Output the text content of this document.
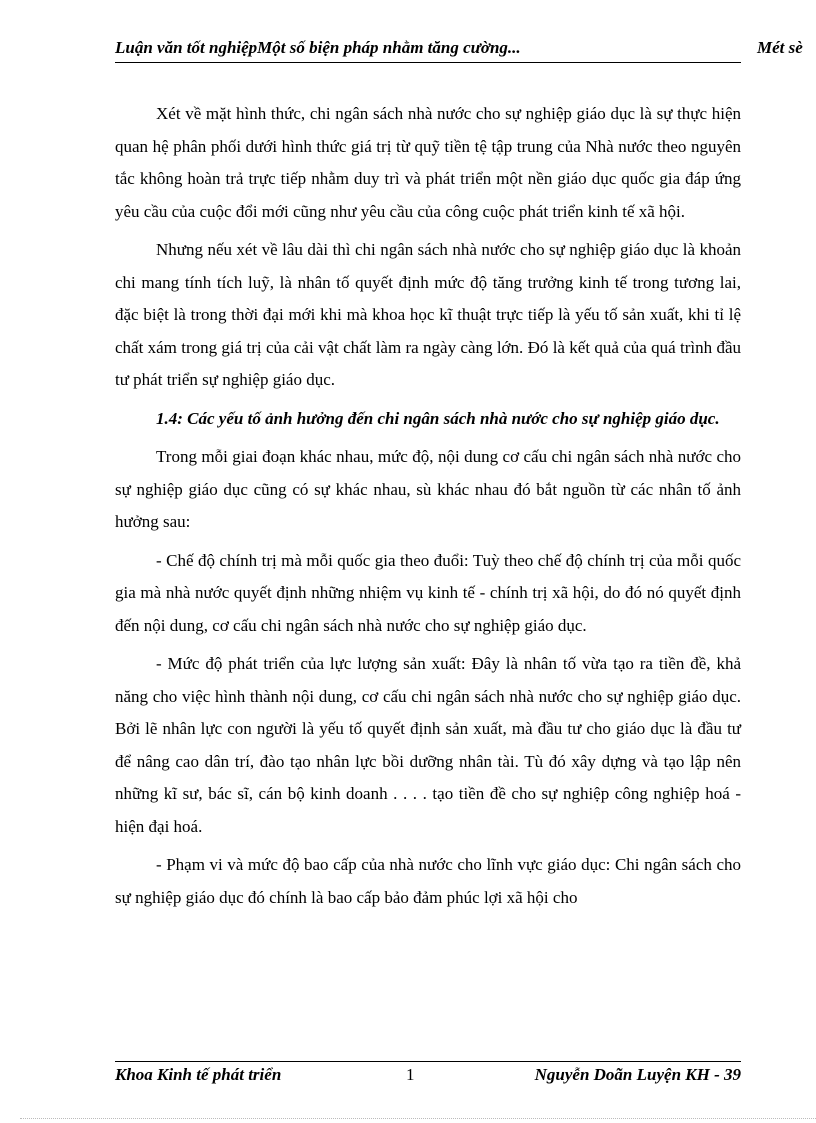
Luận văn tốt nghiệpMột số biện pháp nhằm tăng cường...	Mét sè

Xét về mặt hình thức, chi ngân sách nhà nước cho sự nghiệp giáo dục là sự thực hiện quan hệ phân phối dưới hình thức giá trị từ quỹ tiền tệ tập trung của Nhà nước theo nguyên tắc không hoàn trả trực tiếp nhằm duy trì và phát triển một nền giáo dục quốc gia đáp ứng yêu cầu của cuộc đổi mới cũng như yêu cầu của công cuộc phát triển kinh tế xã hội.

Nhưng nếu xét về lâu dài thì chi ngân sách nhà nước cho sự nghiệp giáo dục là khoản chi mang tính tích luỹ, là nhân tố quyết định mức độ tăng trưởng kinh tế trong tương lai, đặc biệt là trong thời đại mới khi mà khoa học kĩ thuật trực tiếp là yếu tố sản xuất, khi tỉ lệ chất xám trong giá trị của cải vật chất làm ra ngày càng lớn. Đó là kết quả của quá trình đầu tư phát triển sự nghiệp giáo dục.

1.4: Các yếu tố ảnh hưởng đến chi ngân sách nhà nước cho sự nghiệp giáo dục.

Trong mỗi giai đoạn khác nhau, mức độ, nội dung cơ cấu chi ngân sách nhà nước cho sự nghiệp giáo dục cũng có sự khác nhau, sù khác nhau đó bắt nguồn từ các nhân tố ảnh hưởng sau:

- Chế độ chính trị mà mỗi quốc gia theo đuổi: Tuỳ theo chế độ chính trị của mỗi quốc gia mà nhà nước quyết định những nhiệm vụ kinh tế - chính trị xã hội, do đó nó quyết định đến nội dung, cơ cấu chi ngân sách nhà nước cho sự nghiệp giáo dục.

- Mức độ phát triển của lực lượng sản xuất: Đây là nhân tố vừa tạo ra tiền đề, khả năng cho việc hình thành nội dung, cơ cấu chi ngân sách nhà nước cho sự nghiệp giáo dục. Bởi lẽ nhân lực con người là yếu tố quyết định sản xuất, mà đầu tư cho giáo dục là đầu tư để nâng cao dân trí, đào tạo nhân lực bồi dưỡng nhân tài. Tù đó xây dựng và tạo lập nên những kĩ sư, bác sĩ, cán bộ kinh doanh . . . . tạo tiền đề cho sự nghiệp công nghiệp hoá - hiện đại hoá.

- Phạm vi và mức độ bao cấp của nhà nước cho lĩnh vực giáo dục: Chi ngân sách cho sự nghiệp giáo dục đó chính là bao cấp bảo đảm phúc lợi xã hội cho

Khoa Kinh tế phát triển	1	Nguyễn Doãn Luyện KH - 39
